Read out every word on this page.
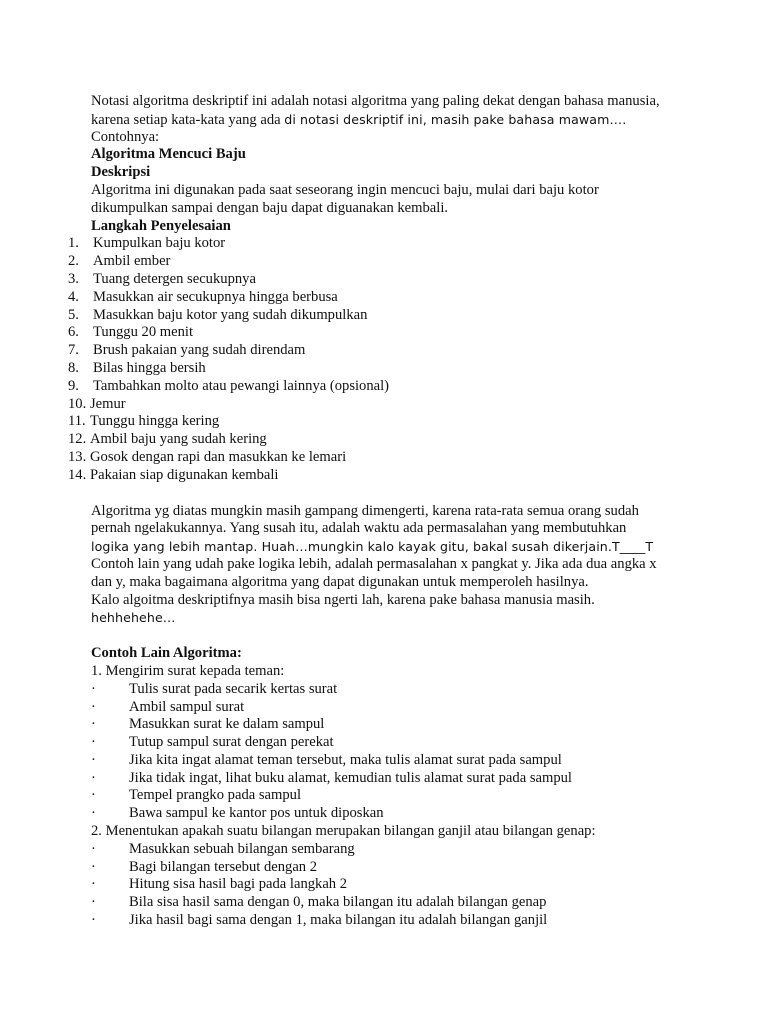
Notasi algoritma deskriptif ini adalah notasi algoritma yang paling dekat dengan bahasa manusia,
karena setiap kata-kata yang ada di notasi deskriptif ini, masih pake bahasa mawam….
Contohnya:
Algoritma Mencuci Baju
Deskripsi
Algoritma ini digunakan pada saat seseorang ingin mencuci baju, mulai dari baju kotor
dikumpulkan sampai dengan baju dapat diguanakan kembali.
Langkah Penyelesaian
1. Kumpulkan baju kotor
2. Ambil ember
3. Tuang detergen secukupnya
4. Masukkan air secukupnya hingga berbusa
5. Masukkan baju kotor yang sudah dikumpulkan
6. Tunggu 20 menit
7. Brush pakaian yang sudah direndam
8. Bilas hingga bersih
9. Tambahkan molto atau pewangi lainnya (opsional)
10. Jemur
11. Tunggu hingga kering
12. Ambil baju yang sudah kering
13. Gosok dengan rapi dan masukkan ke lemari
14. Pakaian siap digunakan kembali
Algoritma yg diatas mungkin masih gampang dimengerti, karena rata-rata semua orang sudah
pernah ngelakukannya. Yang susah itu, adalah waktu ada permasalahan yang membutuhkan
logika yang lebih mantap. Huah…mungkin kalo kayak gitu, bakal susah dikerjain.T____T
Contoh lain yang udah pake logika lebih, adalah permasalahan x pangkat y. Jika ada dua angka x
dan y, maka bagaimana algoritma yang dapat digunakan untuk memperoleh hasilnya.
Kalo algoitma deskriptifnya masih bisa ngerti lah, karena pake bahasa manusia masih.
hehhehehe…
Contoh Lain Algoritma:
1. Mengirim surat kepada teman:
· Tulis surat pada secarik kertas surat
· Ambil sampul surat
· Masukkan surat ke dalam sampul
· Tutup sampul surat dengan perekat
· Jika kita ingat alamat teman tersebut, maka tulis alamat surat pada sampul
· Jika tidak ingat, lihat buku alamat, kemudian tulis alamat surat pada sampul
· Tempel prangko pada sampul
· Bawa sampul ke kantor pos untuk diposkan
2. Menentukan apakah suatu bilangan merupakan bilangan ganjil atau bilangan genap:
· Masukkan sebuah bilangan sembarang
· Bagi bilangan tersebut dengan 2
· Hitung sisa hasil bagi pada langkah 2
· Bila sisa hasil sama dengan 0, maka bilangan itu adalah bilangan genap
· Jika hasil bagi sama dengan 1, maka bilangan itu adalah bilangan ganjil
